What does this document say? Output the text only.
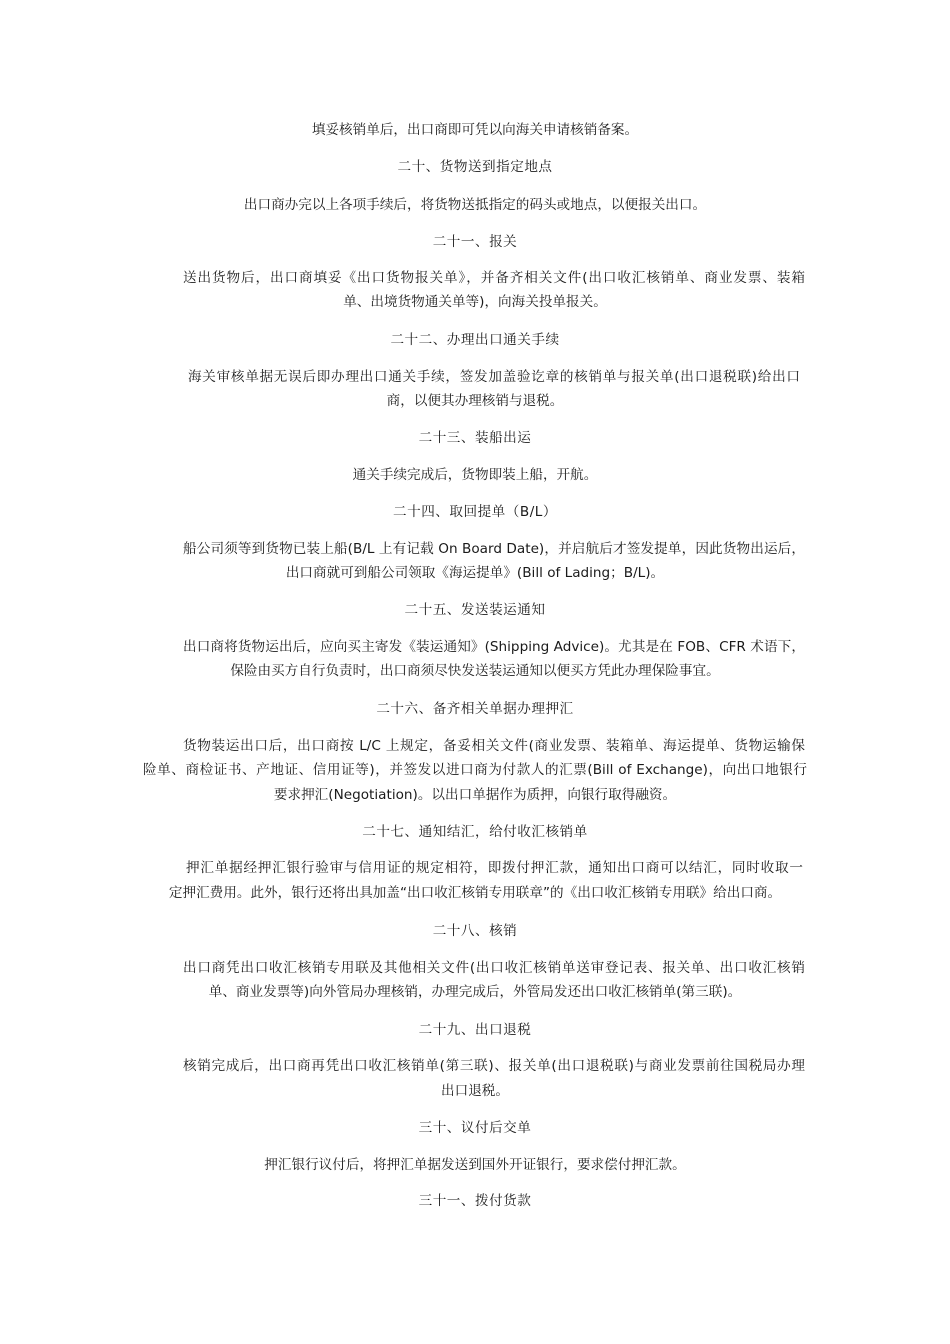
填妥核销单后，出口商即可凭以向海关申请核销备案。
二十、货物送到指定地点
出口商办完以上各项手续后，将货物送抵指定的码头或地点，以便报关出口。
二十一、报关
送出货物后，出口商填妥《出口货物报关单》，并备齐相关文件(出口收汇核销单、商业发票、装箱
单、出境货物通关单等)，向海关投单报关。
二十二、办理出口通关手续
海关审核单据无误后即办理出口通关手续，签发加盖验讫章的核销单与报关单(出口退税联)给出口
商，以便其办理核销与退税。
二十三、装船出运
通关手续完成后，货物即装上船，开航。
二十四、取回提单（B/L）
船公司须等到货物已装上船(B/L 上有记载 On Board Date)，并启航后才签发提单，因此货物出运后，
出口商就可到船公司领取《海运提单》(Bill of Lading；B/L)。
二十五、发送装运通知
出口商将货物运出后，应向买主寄发《装运通知》(Shipping Advice)。尤其是在 FOB、CFR 术语下，
保险由买方自行负责时，出口商须尽快发送装运通知以便买方凭此办理保险事宜。
二十六、备齐相关单据办理押汇
货物装运出口后，出口商按 L/C 上规定，备妥相关文件(商业发票、装箱单、海运提单、货物运输保
险单、商检证书、产地证、信用证等)，并签发以进口商为付款人的汇票(Bill of Exchange)，向出口地银行
要求押汇(Negotiation)。以出口单据作为质押，向银行取得融资。
二十七、通知结汇，给付收汇核销单
押汇单据经押汇银行验审与信用证的规定相符，即拨付押汇款，通知出口商可以结汇，同时收取一
定押汇费用。此外，银行还将出具加盖“出口收汇核销专用联章”的《出口收汇核销专用联》给出口商。
二十八、核销
出口商凭出口收汇核销专用联及其他相关文件(出口收汇核销单送审登记表、报关单、出口收汇核销
单、商业发票等)向外管局办理核销，办理完成后，外管局发还出口收汇核销单(第三联)。
二十九、出口退税
核销完成后，出口商再凭出口收汇核销单(第三联)、报关单(出口退税联)与商业发票前往国税局办理
出口退税。
三十、议付后交单
押汇银行议付后，将押汇单据发送到国外开证银行，要求偿付押汇款。
三十一、拨付货款
